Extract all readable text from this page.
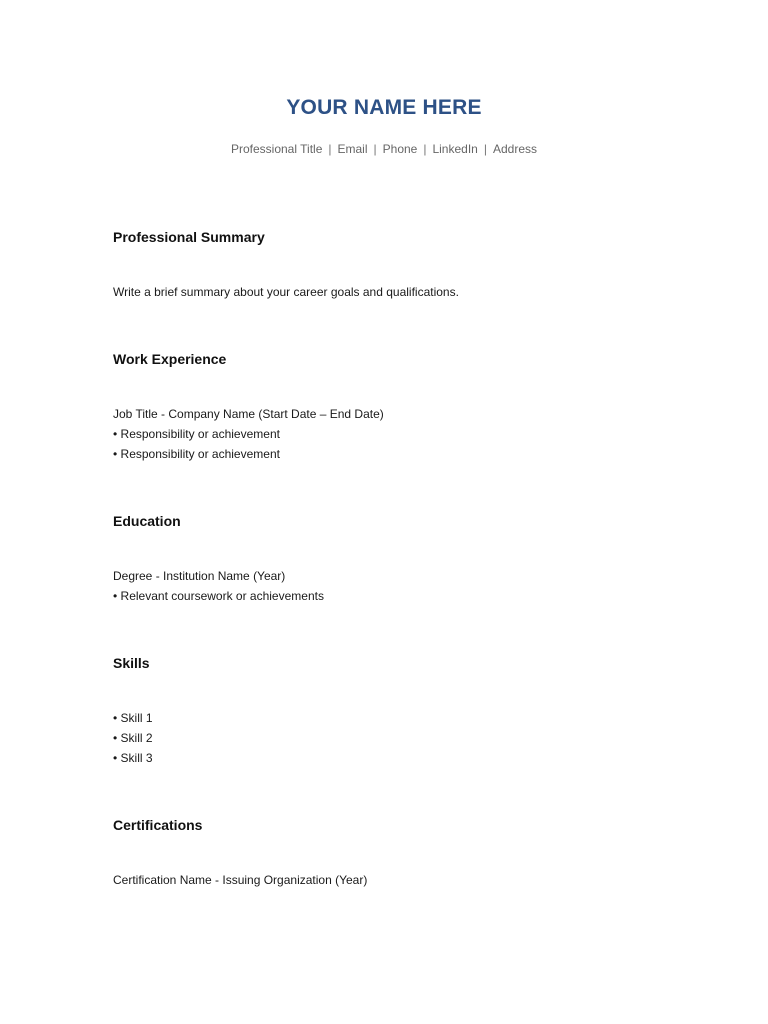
YOUR NAME HERE
Professional Title | Email | Phone | LinkedIn | Address
Professional Summary
Write a brief summary about your career goals and qualifications.
Work Experience
Job Title - Company Name (Start Date – End Date)
• Responsibility or achievement
• Responsibility or achievement
Education
Degree - Institution Name (Year)
• Relevant coursework or achievements
Skills
• Skill 1
• Skill 2
• Skill 3
Certifications
Certification Name - Issuing Organization (Year)
